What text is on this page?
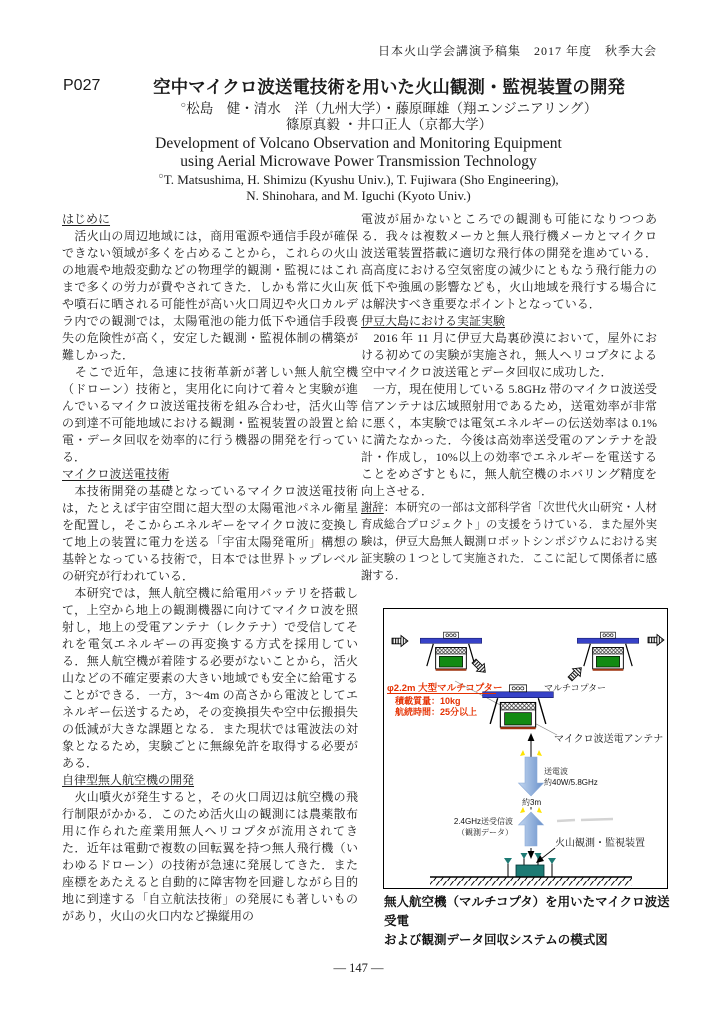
日本火山学会講演予稿集　2017 年度　秋季大会
P027	空中マイクロ波送電技術を用いた火山観測・監視装置の開発
○松島　健・清水　洋（九州大学）・藤原暉雄（翔エンジニアリング）
篠原真毅 ・井口正人（京都大学）
Development of Volcano Observation and Monitoring Equipment
using Aerial Microwave Power Transmission Technology
○T. Matsushima, H. Shimizu (Kyushu Univ.), T. Fujiwara (Sho Engineering),
N. Shinohara, and M. Iguchi (Kyoto Univ.)
はじめに

　活火山の周辺地域には，商用電源や通信手段が確保できない領域が多くを占めることから，これらの火山の地震や地殻変動などの物理学的観測・監視にはこれまで多くの労力が費やされてきた．しかも常に火山灰や噴石に晒される可能性が高い火口周辺や火口カルデラ内での観測では，太陽電池の能力低下や通信手段喪失の危険性が高く，安定した観測・監視体制の構築が難しかった．

　そこで近年，急速に技術革新が著しい無人航空機（ドローン）技術と，実用化に向けて着々と実験が進んでいるマイクロ波送電技術を組み合わせ，活火山等の到達不可能地域における観測・監視装置の設置と給電・データ回収を効率的に行う機器の開発を行っている．

マイクロ波送電技術

　本技術開発の基礎となっているマイクロ波送電技術は，たとえば宇宙空間に超大型の太陽電池パネル衛星を配置し，そこからエネルギーをマイクロ波に変換して地上の装置に電力を送る「宇宙太陽発電所」構想の基幹となっている技術で，日本では世界トップレベルの研究が行われている．

　本研究では，無人航空機に給電用バッテリを搭載して，上空から地上の観測機器に向けてマイクロ波を照射し，地上の受電アンテナ（レクテナ）で受信してそれを電気エネルギーの再変換する方式を採用している．無人航空機が着陸する必要がないことから，活火山などの不確定要素の大きい地域でも安全に給電することができる．一方，3〜4m の高さから電波としてエネルギー伝送するため，その変換損失や空中伝搬損失の低減が大きな課題となる．また現状では電波法の対象となるため，実験ごとに無線免許を取得する必要がある．

自律型無人航空機の開発

　火山噴火が発生すると，その火口周辺は航空機の飛行制限がかかる．このため活火山の観測には農薬散布用に作られた産業用無人ヘリコプタが流用されてきた．近年は電動で複数の回転翼を持つ無人飛行機（いわゆるドローン）の技術が急速に発展してきた．また座標をあたえると自動的に障害物を回避しながら目的地に到達する「自立航法技術」の発展にも著しいものがあり，火山の火口内など操縦用の

電波が届かないところでの観測も可能になりつつある．我々は複数メーカと無人飛行機メーカとマイクロ波送電装置搭載に適切な飛行体の開発を進めている．高高度における空気密度の減少にともなう飛行能力の低下や強風の影響なども，火山地域を飛行する場合には解決すべき重要なポイントとなっている．

伊豆大島における実証実験

　2016 年 11 月に伊豆大島裏砂漠において，屋外における初めての実験が実施され，無人ヘリコプタによる空中マイクロ波送電とデータ回収に成功した．

　一方，現在使用している 5.8GHz 帯のマイクロ波送受信アンテナは広域照射用であるため，送電効率が非常に悪く，本実験では電気エネルギーの伝送効率は 0.1%に満たなかった．今後は高効率送受電のアンテナを設計・作成し，10%以上の効率でエネルギーを電送することをめざすともに，無人航空機のホバリング精度を向上させる．

謝辞：本研究の一部は文部科学省「次世代火山研究・人材育成総合プロジェクト」の支援をうけている．また屋外実験は，伊豆大島無人観測ロボットシンポジウムにおける実証実験の１つとして実施された．ここに記して関係者に感謝する．

φ2.2m 大型マルチコプター
積載質量：10kg
航続時間：25分以上
マルチコプター
マイクロ波送電アンテナ
送電波
約40W/5.8GHz
約3m
2.4GHz送受信波
（観測データ）
火山観測・監視装置
無人航空機（マルチコプタ）を用いたマイクロ波送受電
および観測データ回収システムの模式図
— 147 —
